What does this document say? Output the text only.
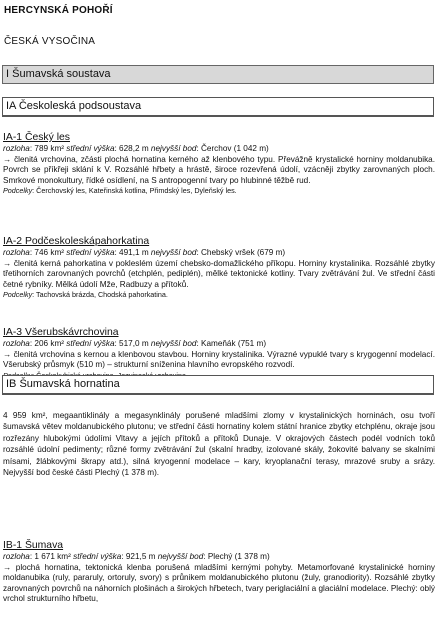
HERCYNSKÁ POHOŘÍ
ČESKÁ VYSOČINA
I Šumavská soustava
IA Českoleská podsoustava
IA-1 Český les

rozloha: 789 km² střední výška: 628,2 m nejvyšší bod: Čerchov (1 042 m)

→ členitá vrchovina, zčásti plochá hornatina kerného až klenbového typu. Převážně krystalické horniny moldanubika. Povrch se příkřeji sklání k V. Rozsáhlé hřbety a hrástě, široce rozevřená údolí, vzácněji zbytky zarovnaných ploch. Smrkové monokultury, řídké osídlení, na S antropogenní tvary po hlubinné těžbě rud.

Podcelky: Čerchovský les, Kateřinská kotlina, Přimdský les, Dyleňský les.

IA-2 Podčeskoleskápahorkatina

rozloha: 746 km² střední výška: 491,1 m nejvyšší bod: Chebský vršek (679 m)

→ členitá kerná pahorkatina v pokleslém území chebsko-domažlického příkopu. Horniny krystalinika. Rozsáhlé zbytky třetihorních zarovnaných povrchů (etchplén, pediplén), mělké tektonické kotliny. Tvary zvětrávání žul. Ve střední části četné rybníky. Mělká údolí Mže, Radbuzy a přítoků.

Podcelky: Tachovská brázda, Chodská pahorkatina.

IA-3 Všerubskávrchovina

rozloha: 206 km² střední výška: 517,0 m nejvyšší bod: Kameňák (751 m)

→ členitá vrchovina s kernou a klenbovou stavbou. Horniny krystalinika. Výrazné vypuklé tvary s krygogenní modelací. Všerubský průsmyk (510 m) – strukturní sníženina hlavního evropského rozvodí.

IB Šumavská hornatina
4 959 km², megaantiklinály a megasynklinály porušené mladšími zlomy v krystalinických horninách, osu tvoří šumavská větev moldanubického plutonu; ve střední části hornatiny kolem státní hranice zbytky etchplénu, okraje jsou rozřezány hlubokými údolími Vltavy a jejích přítoků a přítoků Dunaje. V okrajových částech podél vodních toků rozsáhlé údolní pedimenty; různé formy zvětrávání žul (skalní hradby, izolované skály, žokovité balvany se skalními mísami, žlábkovými škrapy atd.), silná kryogenní modelace – kary, kryoplanační terasy, mrazové sruby a srázy. Nejvyšší bod české části Plechý (1 378 m).
IB-1 Šumava

rozloha: 1 671 km² střední výška: 921,5 m nejvyšší bod: Plechý (1 378 m)

→ plochá hornatina, tektonická klenba porušená mladšími kernými pohyby. Metamorfované krystalinické horniny moldanubika (ruly, pararuly, ortoruly, svory) s průnikem moldanubického plutonu (žuly, granodiority). Rozsáhlé zbytky zarovnaných povrchů na náhorních plošinách a širokých hřbetech, tvary periglaciální a glaciální modelace. Plechý: oblý vrchol strukturního hřbetu,
